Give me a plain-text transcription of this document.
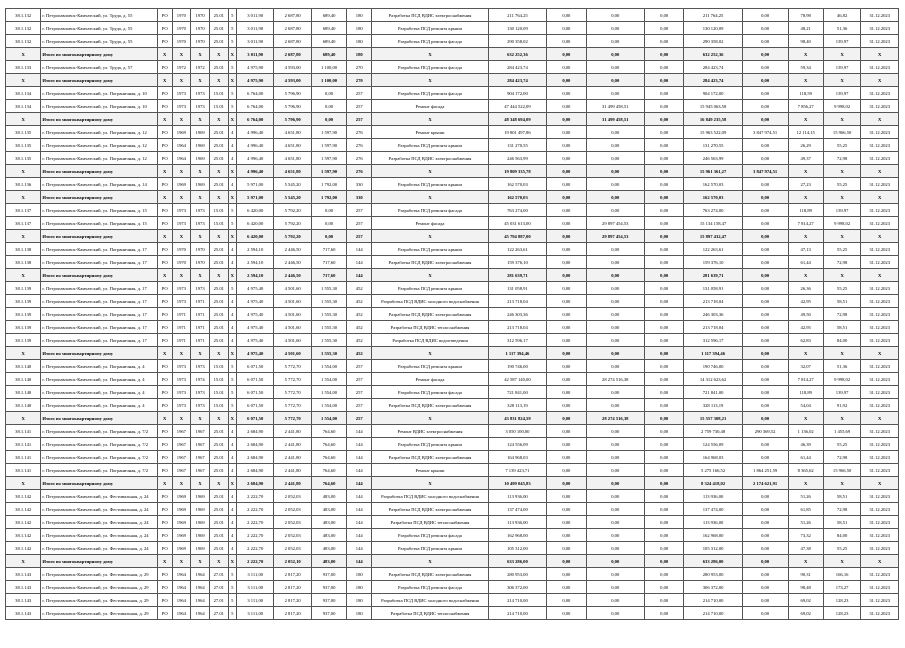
38.1.132	г. Петропавловск-Камчатский, ул. Труда, д. 55	РО	1970	1970	25.01	5	3 011,90	2 687,80	689,40	180	Разработка ПСД ВДИС электроснабжения	211 764,25	0,00	0,00	0,00	211 764,25	0,00	78,98	46,82	31.12.2023
38.1.132	г. Петропавловск-Камчатский, ул. Труда, д. 55	РО	1970	1970	25.01	5	3 011,90	2 687,80	689,40	180	Разработка ПСД ремонта крыши	130 120,09	0,00	0,00	0,00	130 120,09	0,00	48,21	51,36	31.12.2023
38.1.132	г. Петропавловск-Камчатский, ул. Труда, д. 55	РО	1970	1970	25.01	5	3 011,90	2 687,80	689,40	180	Разработка ПСД ремонта фасада	290 358,02	0,00	0,00	0,00	290 358,02	0,00	98,40	139,97	31.12.2023
X	Итого по многоквартирному дому	X	X	X	X	X	3 011,90	2 687,80	689,40	180	X	632 252,36	0,00	0,00	0,00	632 252,36	0,00	X	X	X
38.1.133	г. Петропавловск-Камчатский, ул. Труда, д. 57	РО	1972	1972	25.01	5	4 975,90	4 593,00	1 100,00	270	Разработка ПСД ремонта фасада	284 423,74	0,00	0,00	0,00	284 423,74	0,00	59,34	139,97	31.12.2023
X	Итого по многоквартирному дому	X	X	X	X	X	4 975,90	4 593,00	1 100,00	270	X	284 423,74	0,00	0,00	0,00	284 423,74	0,00	X	X	X
38.1.134	г. Петропавловск-Камчатский, ул. Пограничная, д. 10	РО	1973	1973	15.01	5	6 764,00	5 796,90	0,00	257	Разработка ПСД ремонта фасада	904 172,00	0,00	0,00	0,00	904 172,00	0,00	118,59	139,97	31.12.2023
38.1.134	г. Петропавловск-Камчатский, ул. Пограничная, д. 10	РО	1973	1973	15.01	5	6 764,00	5 796,90	0,00	257	Ремонт фасада	47 444 522,09	0,00	31 499 458,51	0,00	15 945 063,58	0,00	7 856,27	9 998,02	31.12.2023
X	Итого по многоквартирному дому	X	X	X	X	X	6 764,00	5 796,90	0,00	257	X	48 348 694,09	0,00	31 499 458,51	0,00	16 849 235,58	0,00	X	X	X
38.1.135	г. Петропавловск-Камчатский, ул. Пограничная, д. 12	РО	1969	1969	25.01	4	4 996,40	4 651,80	1 597,90	276	Ремонт крыши	19 801 497,86	0,00	0,00	0,00	15 963 522,09	3 847 974,51	12 114,15	15 966,50	31.12.2023
38.1.135	г. Петропавловск-Камчатский, ул. Пограничная, д. 12	РО	1964	1969	25.01	4	4 996,40	4 651,80	1 597,90	276	Разработка ПСД ремонта крыши	131 270,55	0,00	0,00	0,00	131 270,55	0,00	26,29	55,25	31.12.2023
38.1.135	г. Петропавловск-Камчатский, ул. Пограничная, д. 12	РО	1964	1969	25.01	4	4 996,40	4 651,80	1 597,90	276	Разработка ПСД ВДИС электроснабжения	246 563,99	0,00	0,00	0,00	246 563,99	0,00	49,37	72,98	31.12.2023
X	Итого по многоквартирному дому	X	X	X	X	X	4 996,40	4 651,80	1 597,90	276	X	19 809 335,78	0,00	0,00	0,00	15 961 361,27	3 847 974,51	X	X	X
38.1.136	г. Петропавловск-Камчатский, ул. Пограничная, д. 14	РО	1969	1969	25.01	4	5 971,00	5 545,20	1 792,00	330	Разработка ПСД ремонта крыши	162 570,03	0,00	0,00	0,00	162 570,03	0,00	27,23	55,25	31.12.2023
X	Итого по многоквартирному дому	X	X	X	X	X	5 971,00	5 545,20	1 792,00	330	X	162 570,03	0,00	0,00	0,00	162 570,03	0,00	X	X	X
38.1.137	г. Петропавловск-Камчатский, ул. Пограничная, д. 15	РО	1973	1973	15.01	5	6 420,00	5 792,20	0,00	257	Разработка ПСД ремонта фасада	763 274,00	0,00	0,00	0,00	763 274,00	0,00	118,89	139,97	31.12.2023
38.1.137	г. Петропавловск-Камчатский, ул. Пограничная, д. 15	РО	1973	1973	15.01	5	6 420,00	5 792,20	0,00	257	Ремонт фасада	45 031 613,00	0,00	29 897 454,53	0,00	15 134 158,47	0,00	7 814,27	9 998,02	31.12.2023
X	Итого по многоквартирному дому	X	X	X	X	X	6 420,00	5 792,20	0,00	257	X	45 794 887,00	0,00	29 897 454,53	0,00	15 897 432,47	0,00	X	X	X
38.1.138	г. Петропавловск-Камчатский, ул. Пограничная, д. 17	РО	1970	1970	25.01	4	2 594,10	2 446,50	717,60	144	Разработка ПСД ремонта крыши	122 263,61	0,00	0,00	0,00	122 263,61	0,00	47,13	55,25	31.12.2023
38.1.138	г. Петропавловск-Камчатский, ул. Пограничная, д. 17	РО	1970	1970	25.01	4	2 594,10	2 446,50	717,60	144	Разработка ПСД ВДИС электроснабжения	159 376,10	0,00	0,00	0,00	159 376,10	0,00	61,44	72,98	31.12.2023
X	Итого по многоквартирному дому	X	X	X	X	X	2 594,10	2 446,50	717,60	144	X	281 639,71	0,00	0,00	0,00	281 639,71	0,00	X	X	X
38.1.139	г. Петропавловск-Камчатский, ул. Пограничная, д. 17	РО	1973	1973	25.01	5	4 975,40	4 501,60	1 555,30	452	Разработка ПСД ремонта крыши	131 058,91	0,00	0,00	0,00	131 058,91	0,00	26,36	55,25	31.12.2023
38.1.139	г. Петропавловск-Камчатский, ул. Пограничная, д. 17	РО	1973	1971	25.01	4	4 975,40	4 501,60	1 555,30	452	Разработка ПСД ВДИС холодного водоснабжения	213 718,04	0,00	0,00	0,00	213 718,04	0,00	42,95	58,51	31.12.2023
38.1.139	г. Петропавловск-Камчатский, ул. Пограничная, д. 17	РО	1971	1971	25.01	4	4 975,40	4 501,60	1 555,30	452	Разработка ПСД ВДИС электроснабжения	246 303,36	0,00	0,00	0,00	246 303,36	0,00	49,50	72,98	31.12.2023
38.1.139	г. Петропавловск-Камчатский, ул. Пограничная, д. 17	РО	1971	1971	25.01	4	4 975,40	4 501,60	1 555,30	452	Разработка ПСД ВДИС теплоснабжения	213 718,04	0,00	0,00	0,00	213 718,04	0,00	42,95	58,51	31.12.2023
38.1.139	г. Петропавловск-Камчатский, ул. Пограничная, д. 17	РО	1971	1971	25.01	4	4 975,40	4 501,60	1 555,30	452	Разработка ПСД ВДИС водоотведения	312 596,17	0,00	0,00	0,00	312 596,17	0,00	62,83	84,00	31.12.2023
X	Итого по многоквартирному дому	X	X	X	X	X	4 975,40	4 501,60	1 555,30	452	X	1 117 394,46	0,00	0,00	0,00	1 117 394,46	0,00	X	X	X
38.1.140	г. Петропавловск-Камчатский, ул. Пограничная, д. 4	РО	1973	1973	15.01	5	6 071,50	5 772,70	1 554,00	257	Разработка ПСД ремонта крыши	190 746,00	0,00	0,00	0,00	190 746,00	0,00	32,07	51,36	31.12.2023
38.1.140	г. Петропавловск-Камчатский, ул. Пограничная, д. 4	РО	1973	1974	15.01	5	6 071,50	5 772,70	1 554,00	257	Ремонт фасада	42 587 140,00	0,00	28 274 516,38	0,00	14 312 623,62	0,00	7 814,27	9 998,02	31.12.2023
38.1.140	г. Петропавловск-Камчатский, ул. Пограничная, д. 4	РО	1973	1973	15.01	5	6 071,50	5 772,70	1 554,00	257	Разработка ПСД ремонта фасада	721 841,00	0,00	0,00	0,00	721 841,00	0,00	118,89	139,97	31.12.2023
38.1.140	г. Петропавловск-Камчатский, ул. Пограничная, д. 4	РО	1973	1973	15.01	5	6 071,50	5 772,70	1 554,00	257	Разработка ПСД ВДИС электроснабжения	328 113,19	0,00	0,00	0,00	328 113,19	0,00	54,04	91,92	31.12.2023
X	Итого по многоквартирному дому	X	X	X	X	X	6 071,50	5 772,70	1 554,00	257	X	43 831 824,59	0,00	28 274 516,38	0,00	15 557 308,21	0,00	X	X	X
38.1.141	г. Петропавловск-Камчатский, ул. Пограничная, д. 7/2	РО	1967	1967	25.01	4	2 684,90	2 441,80	764,60	144	Ремонт ВДИС электроснабжения	3 050 100,00	0,00	0,00	0,00	2 759 730,48	290 369,52	1 136,02	1 455,69	31.12.2023
38.1.141	г. Петропавловск-Камчатский, ул. Пограничная, д. 7/2	РО	1967	1967	25.01	4	2 684,90	2 441,80	764,60	144	Разработка ПСД ремонта крыши	124 556,09	0,00	0,00	0,00	124 556,09	0,00	46,39	55,25	31.12.2023
38.1.141	г. Петропавловск-Камчатский, ул. Пограничная, д. 7/2	РО	1967	1967	25.01	4	2 684,90	2 441,80	764,60	144	Разработка ПСД ВДИС электроснабжения	164 968,03	0,00	0,00	0,00	164 968,03	0,00	61,44	72,98	31.12.2023
38.1.141	г. Петропавловск-Камчатский, ул. Пограничная, д. 7/2	РО	1967	1967	25.01	4	2 684,90	2 441,80	764,60	144	Ремонт крыши	7 139 423,71	0,00	0,00	0,00	5 275 166,52	1 864 251,59	8 365,62	15 966,50	31.12.2023
X	Итого по многоквартирному дому	X	X	X	X	X	2 684,90	2 441,80	764,60	144	X	10 499 045,83	0,00	0,00	0,00	8 324 418,02	2 174 621,91	X	X	X
38.1.142	г. Петропавловск-Камчатский, ул. Фестивальная, д. 24	РО	1969	1969	25.01	4	2 222,70	2 052,03	483,00	144	Разработка ПСД ВДИС холодного водоснабжения	113 936,00	0,00	0,00	0,00	113 936,00	0,00	51,26	58,51	31.12.2023
38.1.142	г. Петропавловск-Камчатский, ул. Фестивальная, д. 24	РО	1969	1969	25.01	4	2 222,70	2 052,03	483,00	144	Разработка ПСД ВДИС электроснабжения	137 474,00	0,00	0,00	0,00	137 474,00	0,00	61,85	72,98	31.12.2023
38.1.142	г. Петропавловск-Камчатский, ул. Фестивальная, д. 24	РО	1969	1969	25.01	4	2 222,70	2 052,03	483,00	144	Разработка ПСД ВДИС теплоснабжения	113 936,00	0,00	0,00	0,00	113 936,00	0,00	51,26	58,51	31.12.2023
38.1.142	г. Петропавловск-Камчатский, ул. Фестивальная, д. 24	РО	1969	1969	25.01	4	2 222,70	2 052,03	483,00	144	Разработка ПСД ремонта фасада	162 968,00	0,00	0,00	0,00	162 968,00	0,00	73,32	84,00	31.12.2023
38.1.142	г. Петропавловск-Камчатский, ул. Фестивальная, д. 24	РО	1969	1969	25.01	4	2 222,70	2 052,03	483,00	144	Разработка ПСД ремонта крыши	105 312,00	0,00	0,00	0,00	105 312,00	0,00	47,38	55,25	31.12.2023
X	Итого по многоквартирному дому	X	X	X	X	X	2 222,70	2 052,10	483,00	144	X	633 286,00	0,00	0,00	0,00	633 286,00	0,00	X	X	X
38.1.143	г. Петропавловск-Камчатский, ул. Фестивальная, д. 29	РО	1964	1964	27.01	5	3 111,00	2 817,20	937,00	180	Разработка ПСД ВДИС электроснабжения	280 953,00	0,00	0,00	0,00	280 953,00	0,00	90,31	166,16	31.12.2023
38.1.143	г. Петропавловск-Камчатский, ул. Фестивальная, д. 29	РО	1964	1964	27.01	5	3 111,00	2 817,20	937,00	180	Разработка ПСД ремонта фасада	306 372,00	0,00	0,00	0,00	306 372,00	0,00	98,48	173,27	31.12.2023
38.1.143	г. Петропавловск-Камчатский, ул. Фестивальная, д. 29	РО	1964	1964	27.01	5	3 111,00	2 817,20	937,00	180	Разработка ПСД ВДИС холодного водоснабжения	214 710,00	0,00	0,00	0,00	214 710,00	0,00	69,02	128,23	31.12.2023
38.1.143	г. Петропавловск-Камчатский, ул. Фестивальная, д. 29	РО	1964	1964	27.01	5	3 111,00	2 817,20	937,00	180	Разработка ПСД ВДИС теплоснабжения	214 710,00	0,00	0,00	0,00	214 710,00	0,00	69,02	128,23	31.12.2023
